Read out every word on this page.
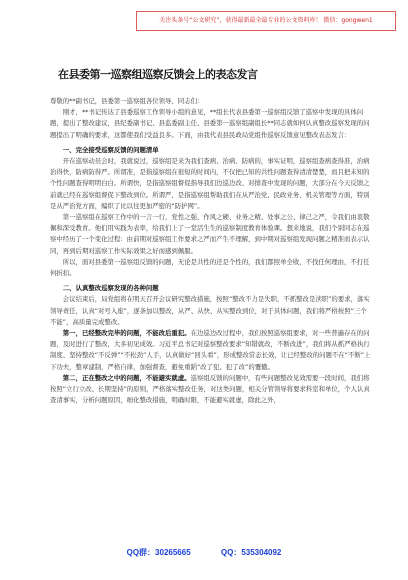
关注头条号“公文研究”，获得最新最全最专业的公文资料库！ 微信：gongwen1
在县委第一巡察组巡察反馈会上的表态发言

尊敬的**副书记，县委第一巡察组各位领导、同志们：

刚才，**书记传达了县委巡察工作领导小组的意见，**组长代表县委第一巡察组反馈了巡察中发现的具体问题，提出了整改建议，县纪委副书记、县监委副主任、县委第一巡察组副组长**同志就如何认真整改巡察发现的问题提出了明确的要求，这都使我们受益良多。下面，由我代表县民政局党组作巡察反馈意见整改表态发言：

一、完全接受巡察反馈的问题清单

开在巡察动员会时，我就说过，巡察组是来为我们查病、治病、防病的，事实证明，巡察组查病查得准，治病治得快，防病防得严。所谓准，是指巡察组在很短的时间内，不仅把已知的共性问题查得清清楚楚，而且把未知的个性问题查得明明白白。所谓快，是指巡察组督促指导我们边巡边改、对排查中发现的问题，大部分在今天反馈之前就已经在巡察组督促下整改到位。所谓严，是指巡察组帮助我们在从严治党、民政业务、机关管理等方面，特别是从严治党方面，编织了比以往更加严密的“防护网”。

第一巡察组在巡察工作中的一言一行，党性之强、作风之硬、业务之精、处事之公、律己之严，令我们由衷敬佩和深受教育。他们用实践为表率，给我们上了一堂活生生的巡察制度教育体验课。想来地说，我们个别同志在巡察中经历了一个变化过程：由前期对巡察组工作要求之严而产生不理解，到中期对巡察组发现问题之精准而表示认同，再到后期对巡察工作实际效果之好而感到佩服。

所以，面对县委第一巡察组反馈的问题，无论是共性的还是个性的，我们都照单全收，不找任何理由，不打任何折扣。

二、认真整改巡察发现的各种问题

会议结束后，局党组将在明天召开会议研究整改措施，按照“整改不力是失职，不抓整改是渎职”的要求，落实领导责任，认真“对号入座”，逐条加以整改，从严、从快、从实整改到位，对于具体问题，我们将严格按照“三个不能”，高质量完成整改。

第一，已经整改完毕的问题，不能改后重犯。在边巡边改过程中，我们按照巡察组要求，对一些普遍存在的问题，及时进行了整改，大多初见成效。习近平总书记对巡察整改要求“知错就改，不断改进”，我们将从抓严格执行制度、坚持整改“不反弹”“不松劲”人手，认真做好“回头看”，形成整改常态长效，让已经整改的问题不在“不断”上下功夫，整章建制，严格自律，加强督查，避免重蹈“改了犯、犯了改”的覆辙。

第二，正在整改之中的问题，不能避实就虚。巡察组反馈的问题中，有些问题整改见效需要一段时间，我们将按照“立行立改、长期坚持”的原则，严格落实整改任务，对这类问题，相关分管领导将要求科室和单位，个人认真查清事实，分析问题原因，细化整改措施，明确时限，不能避实就虚，除此之外，

QQ群：30265665	QQ：535304092
